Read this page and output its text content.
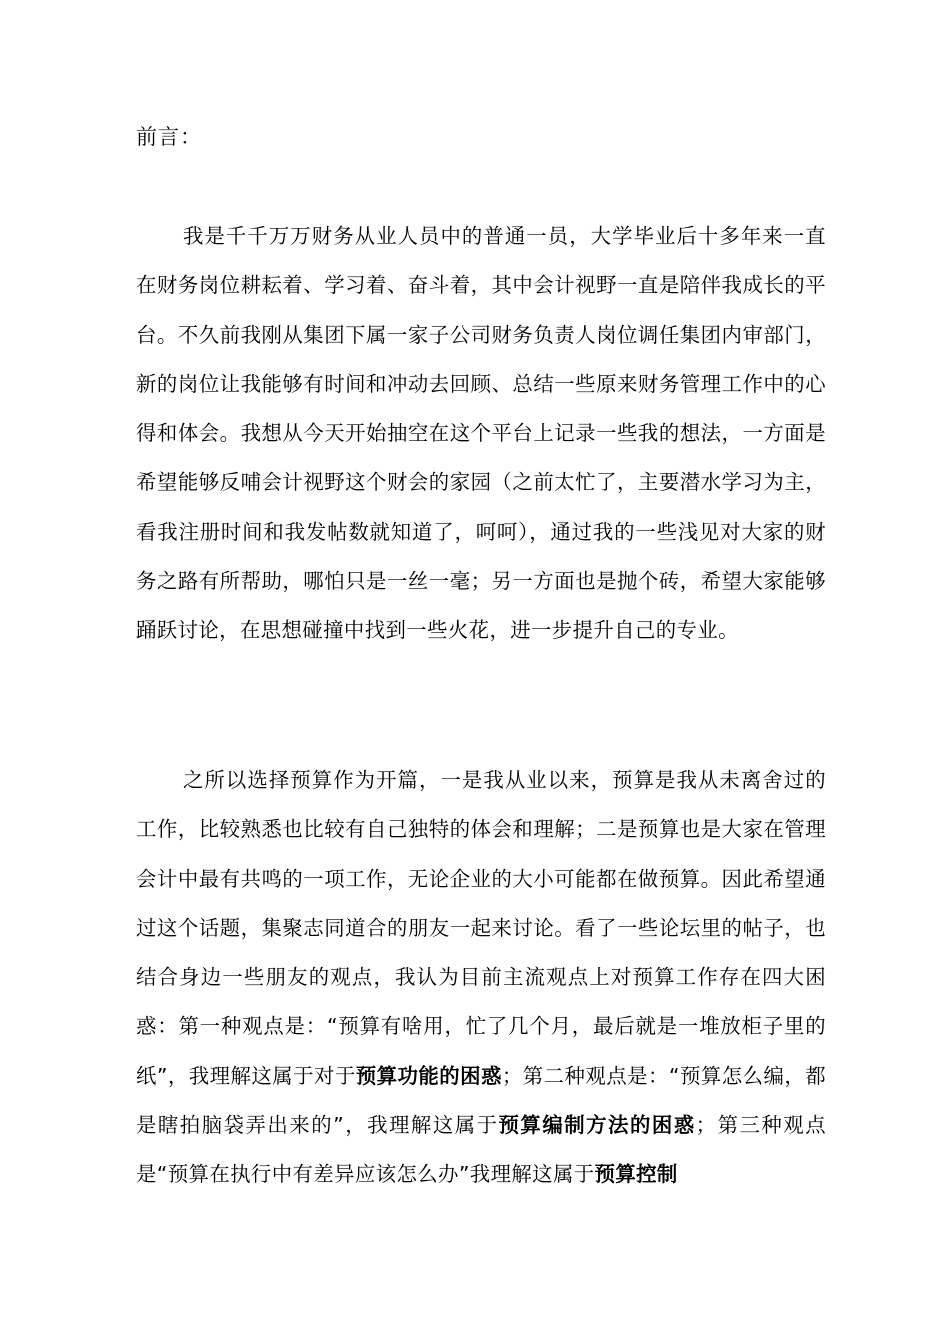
前言：

我是千千万万财务从业人员中的普通一员，大学毕业后十多年来一直在财务岗位耕耘着、学习着、奋斗着，其中会计视野一直是陪伴我成长的平台。不久前我刚从集团下属一家子公司财务负责人岗位调任集团内审部门，新的岗位让我能够有时间和冲动去回顾、总结一些原来财务管理工作中的心得和体会。我想从今天开始抽空在这个平台上记录一些我的想法，一方面是希望能够反哺会计视野这个财会的家园（之前太忙了，主要潜水学习为主，看我注册时间和我发帖数就知道了，呵呵），通过我的一些浅见对大家的财务之路有所帮助，哪怕只是一丝一毫；另一方面也是抛个砖，希望大家能够踊跃讨论，在思想碰撞中找到一些火花，进一步提升自己的专业。

之所以选择预算作为开篇，一是我从业以来，预算是我从未离舍过的工作，比较熟悉也比较有自己独特的体会和理解；二是预算也是大家在管理会计中最有共鸣的一项工作，无论企业的大小可能都在做预算。因此希望通过这个话题，集聚志同道合的朋友一起来讨论。看了一些论坛里的帖子，也结合身边一些朋友的观点，我认为目前主流观点上对预算工作存在四大困惑：第一种观点是：“预算有啥用，忙了几个月，最后就是一堆放柜子里的纸”，我理解这属于对于预算功能的困惑；第二种观点是：“预算怎么编，都是瞎拍脑袋弄出来的”，我理解这属于预算编制方法的困惑；第三种观点是“预算在执行中有差异应该怎么办”我理解这属于预算控制
